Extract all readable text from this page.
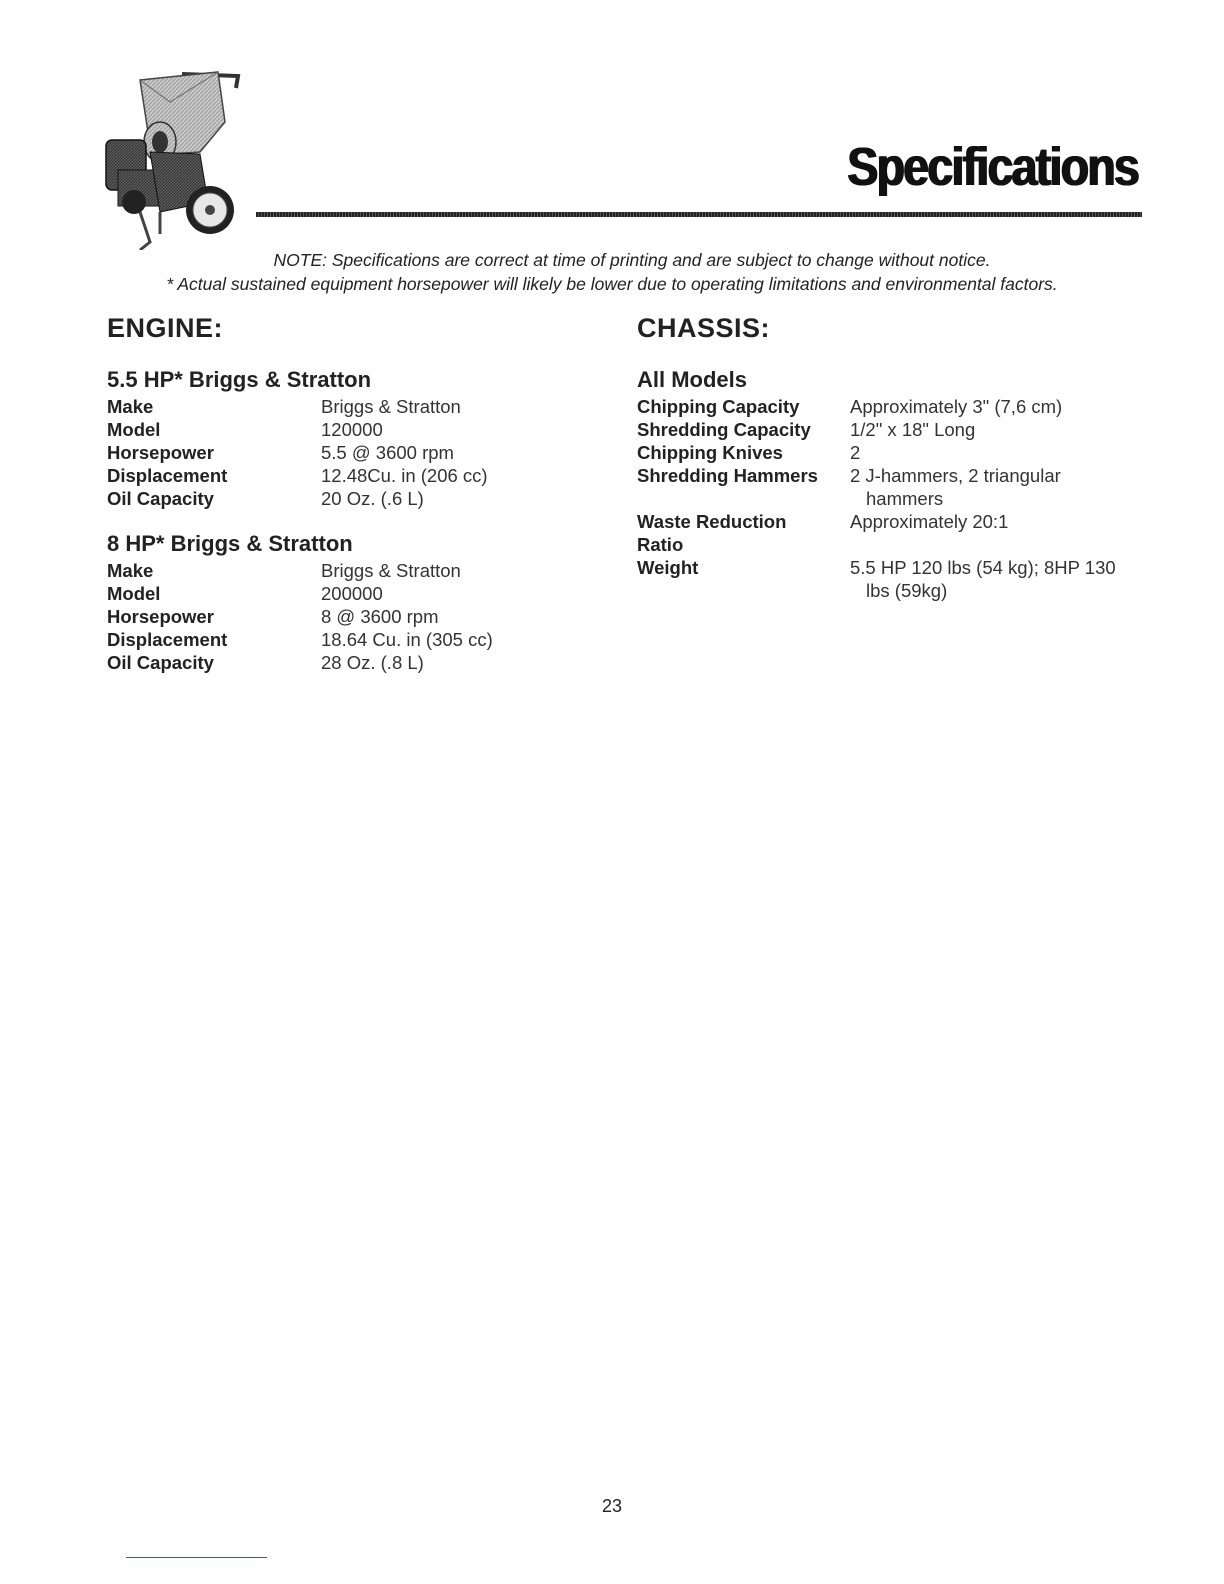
Specifications

NOTE: Specifications are correct at time of printing and are subject to change without notice.

* Actual sustained equipment horsepower will likely be lower due to operating limitations and environmental factors.

ENGINE:
5.5 HP* Briggs & Stratton
Make	Briggs & Stratton
Model	120000
Horsepower	5.5 @ 3600 rpm
Displacement	12.48Cu. in (206 cc)
Oil Capacity	20 Oz. (.6 L)
8 HP* Briggs & Stratton
Make	Briggs & Stratton
Model	200000
Horsepower	8 @ 3600 rpm
Displacement	18.64 Cu. in (305 cc)
Oil Capacity	28 Oz. (.8 L)
CHASSIS:
All Models
Chipping Capacity	Approximately 3" (7,6 cm)
Shredding Capacity	1/2" x 18" Long
Chipping Knives	2
Shredding Hammers	2 J-hammers, 2 triangular
hammers

Waste Reduction
Ratio	Approximately 20:1
Weight	5.5 HP 120 lbs (54 kg); 8HP 130
lbs (59kg)
23
